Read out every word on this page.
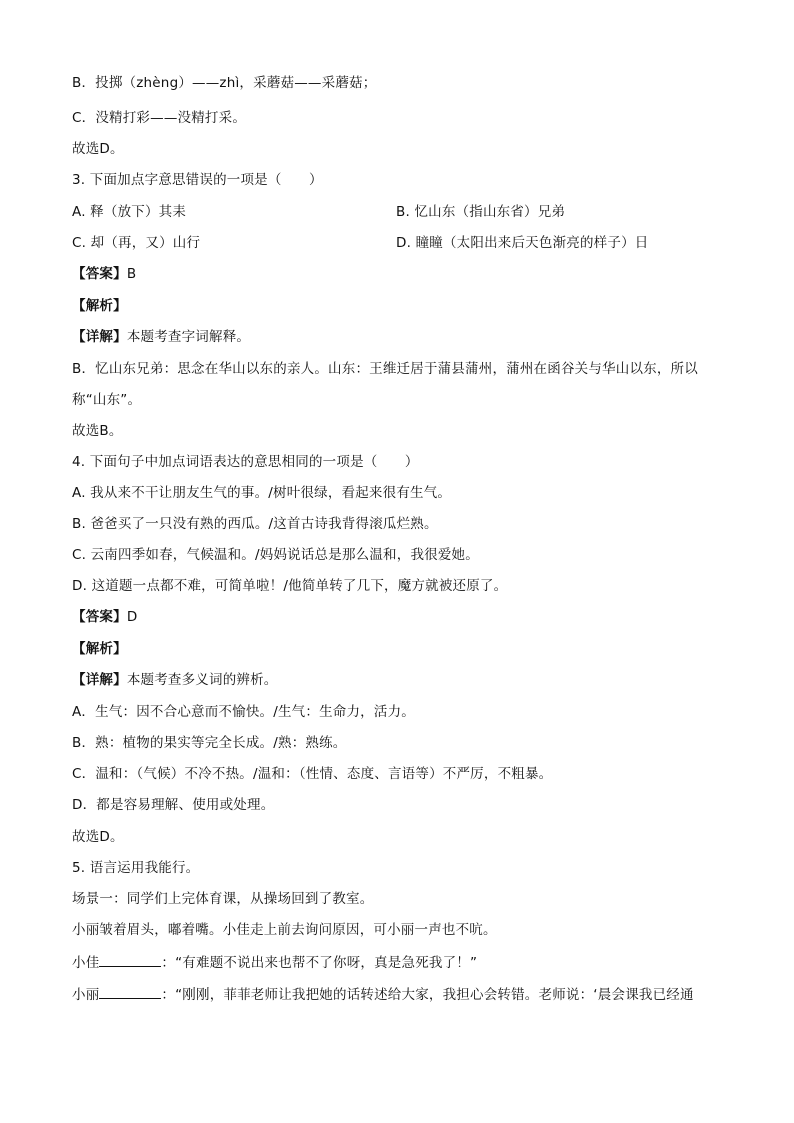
B．投掷（zhèng）——zhì，采蘑菇——采蘑菇；
C．没精打彩——没精打采。
故选D。
3. 下面加点字意思错误的一项是（　　）
A. 释（放下）其耒	B. 忆山东（指山东省）兄弟
C. 却（再，又）山行	D. 瞳瞳（太阳出来后天色渐亮的样子）日
【答案】B
【解析】
【详解】本题考查字词解释。
B．忆山东兄弟：思念在华山以东的亲人。山东：王维迁居于蒲县蒲州，蒲州在函谷关与华山以东，所以
称“山东”。
故选B。
4. 下面句子中加点词语表达的意思相同的一项是（　　）
A. 我从来不干让朋友生气的事。/树叶很绿，看起来很有生气。
B. 爸爸买了一只没有熟的西瓜。/这首古诗我背得滚瓜烂熟。
C. 云南四季如春，气候温和。/妈妈说话总是那么温和，我很爱她。
D. 这道题一点都不难，可简单啦！/他简单转了几下，魔方就被还原了。
【答案】D
【解析】
【详解】本题考查多义词的辨析。
A．生气：因不合心意而不愉快。/生气：生命力，活力。
B．熟：植物的果实等完全长成。/熟：熟练。
C．温和：（气候）不冷不热。/温和：（性情、态度、言语等）不严厉，不粗暴。
D．都是容易理解、使用或处理。
故选D。
5. 语言运用我能行。
场景一：同学们上完体育课，从操场回到了教室。
小丽皱着眉头，嘟着嘴。小佳走上前去询问原因，可小丽一声也不吭。
小佳	：“有难题不说出来也帮不了你呀，真是急死我了！”
小丽	：“刚刚，菲菲老师让我把她的话转述给大家，我担心会转错。老师说：‘晨会课我已经通
